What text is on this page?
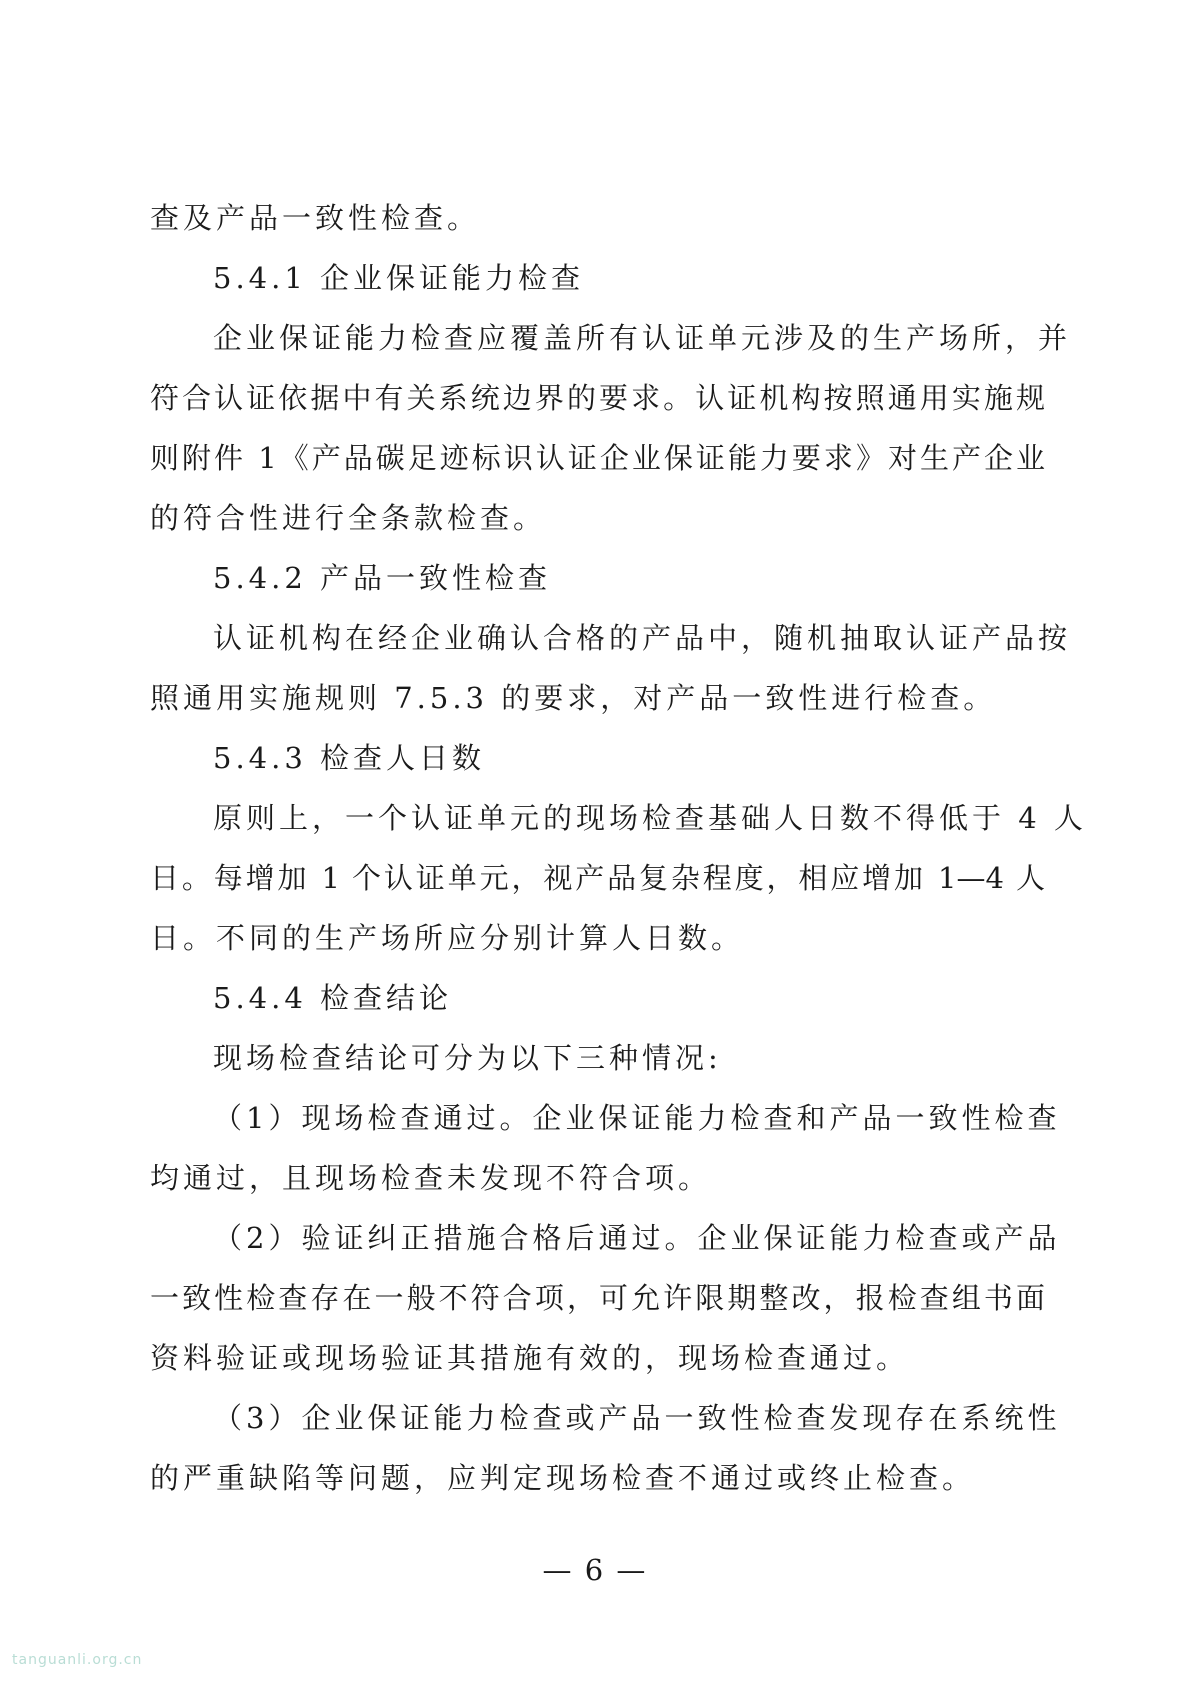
查及产品一致性检查。
5.4.1 企业保证能力检查
企业保证能力检查应覆盖所有认证单元涉及的生产场所，并
符合认证依据中有关系统边界的要求。认证机构按照通用实施规
则附件 1《产品碳足迹标识认证企业保证能力要求》对生产企业
的符合性进行全条款检查。
5.4.2 产品一致性检查
认证机构在经企业确认合格的产品中，随机抽取认证产品按
照通用实施规则 7.5.3 的要求，对产品一致性进行检查。
5.4.3 检查人日数
原则上，一个认证单元的现场检查基础人日数不得低于 4 人
日。每增加 1 个认证单元，视产品复杂程度，相应增加 1—4 人
日。不同的生产场所应分别计算人日数。
5.4.4 检查结论
现场检查结论可分为以下三种情况:
（1）现场检查通过。企业保证能力检查和产品一致性检查
均通过，且现场检查未发现不符合项。
（2）验证纠正措施合格后通过。企业保证能力检查或产品
一致性检查存在一般不符合项，可允许限期整改，报检查组书面
资料验证或现场验证其措施有效的，现场检查通过。
（3）企业保证能力检查或产品一致性检查发现存在系统性
的严重缺陷等问题，应判定现场检查不通过或终止检查。
— 6 —
tanguanli.org.cn
